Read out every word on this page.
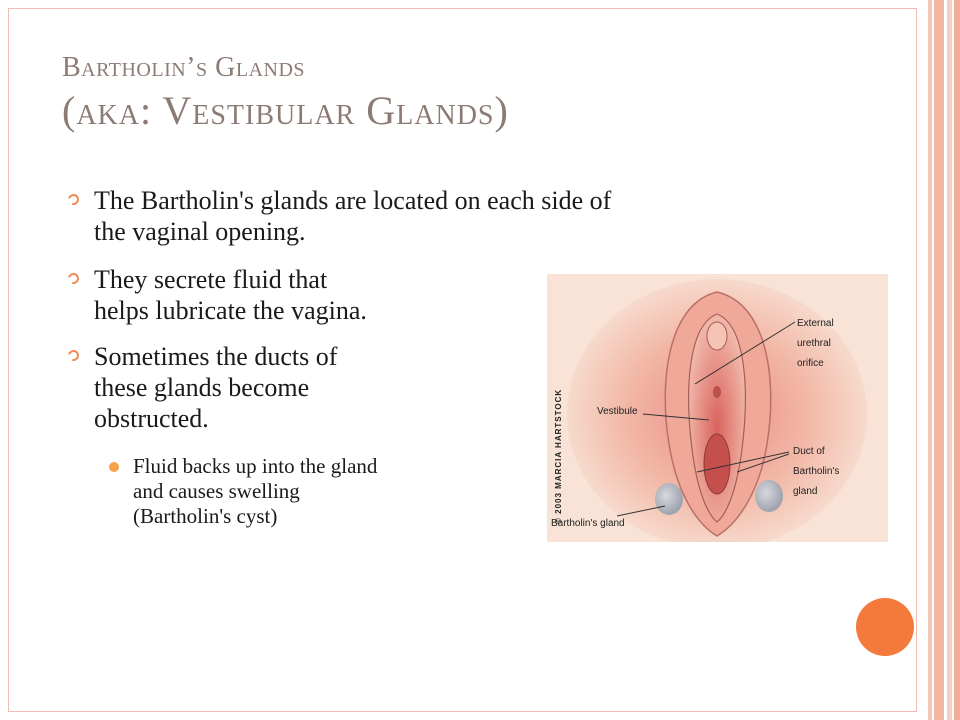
Bartholin’s Glands
(aka: Vestibular Glands)
The Bartholin's glands are located on each side of
the vaginal opening.
They secrete fluid that
helps lubricate the vagina.
Sometimes the ducts of
these glands become
obstructed.
Fluid backs up into the gland
and causes swelling
(Bartholin's cyst)
External
urethral
orifice
Vestibule
Duct of
Bartholin's
gland
Bartholin's gland
© 2003 MARCIA HARTSTOCK
